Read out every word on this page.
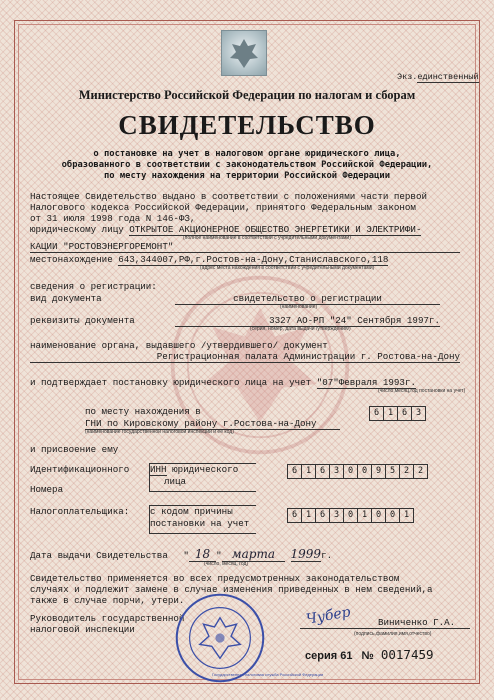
Экз.единственный
Министерство Российской Федерации по налогам и сборам
СВИДЕТЕЛЬСТВО
о постановке на учет в налоговом органе юридического лица,
образованного в соответствии с законодательством Российской Федерации,
по месту нахождения на территории Российской Федерации
Настоящее Свидетельство выдано в соответствии с положениями части первой
Налогового кодекса Российской Федерации, принятого Федеральным законом
от 31 июля 1998 года N 146-ФЗ,
юридическому лицу ОТКРЫТОЕ АКЦИОНЕРНОЕ ОБЩЕСТВО ЭНЕРГЕТИКИ И ЭЛЕКТРИФИ-
(полное наименование в соответствии с учредительными документами)
КАЦИИ "РОСТОВЭНЕРГОРЕМОНТ"
местонахождение 643,344007,РФ,г.Ростов-на-Дону,Станиславского,118
(адрес места нахождения в соответствии с учредительными документами)
сведения о регистрации:
вид документа	свидетельство о регистрации
(наименование)
реквизиты документа	3327 АО-РП "24" Сентября 1997г.
(серия, номер, дата выдачи /утверждения/)
наименование органа, выдавшего /утвердившего/ документ
Регистрационная палата Администрации г. Ростова-на-Дону
и подтверждает постановку юридического лица на учет "07"Февраля 1993г.
(число,месяц,год постановки на учет)
по месту нахождения в
ГНИ по Кировскому району г.Ростова-на-Дону
(наименование государственной налоговой инспекции и ее код)
6	1	6	3
и присвоение ему
Идентификационного
Номера
Налогоплательщика:
ИНН юридического
лица
6	1	6	3	0	0	9	5	2	2
с кодом причины
постановки на учет
6	1	6	3	0	1	0	0	1
Дата выдачи Свидетельства " 18 " марта 1999г.
(число, месяц, год)
Свидетельство применяется во всех предусмотренных законодательством
случаях и подлежит замене в случае изменения приведенных в нем сведений,а
также в случае порчи, утери.
Руководитель государственной
налоговой инспекции
Государственная налоговая служба Российской Федерации
Чубер	Виниченко Г.А.
(подпись,фамилия,имя,отчество)
серия 61 № 0017459
